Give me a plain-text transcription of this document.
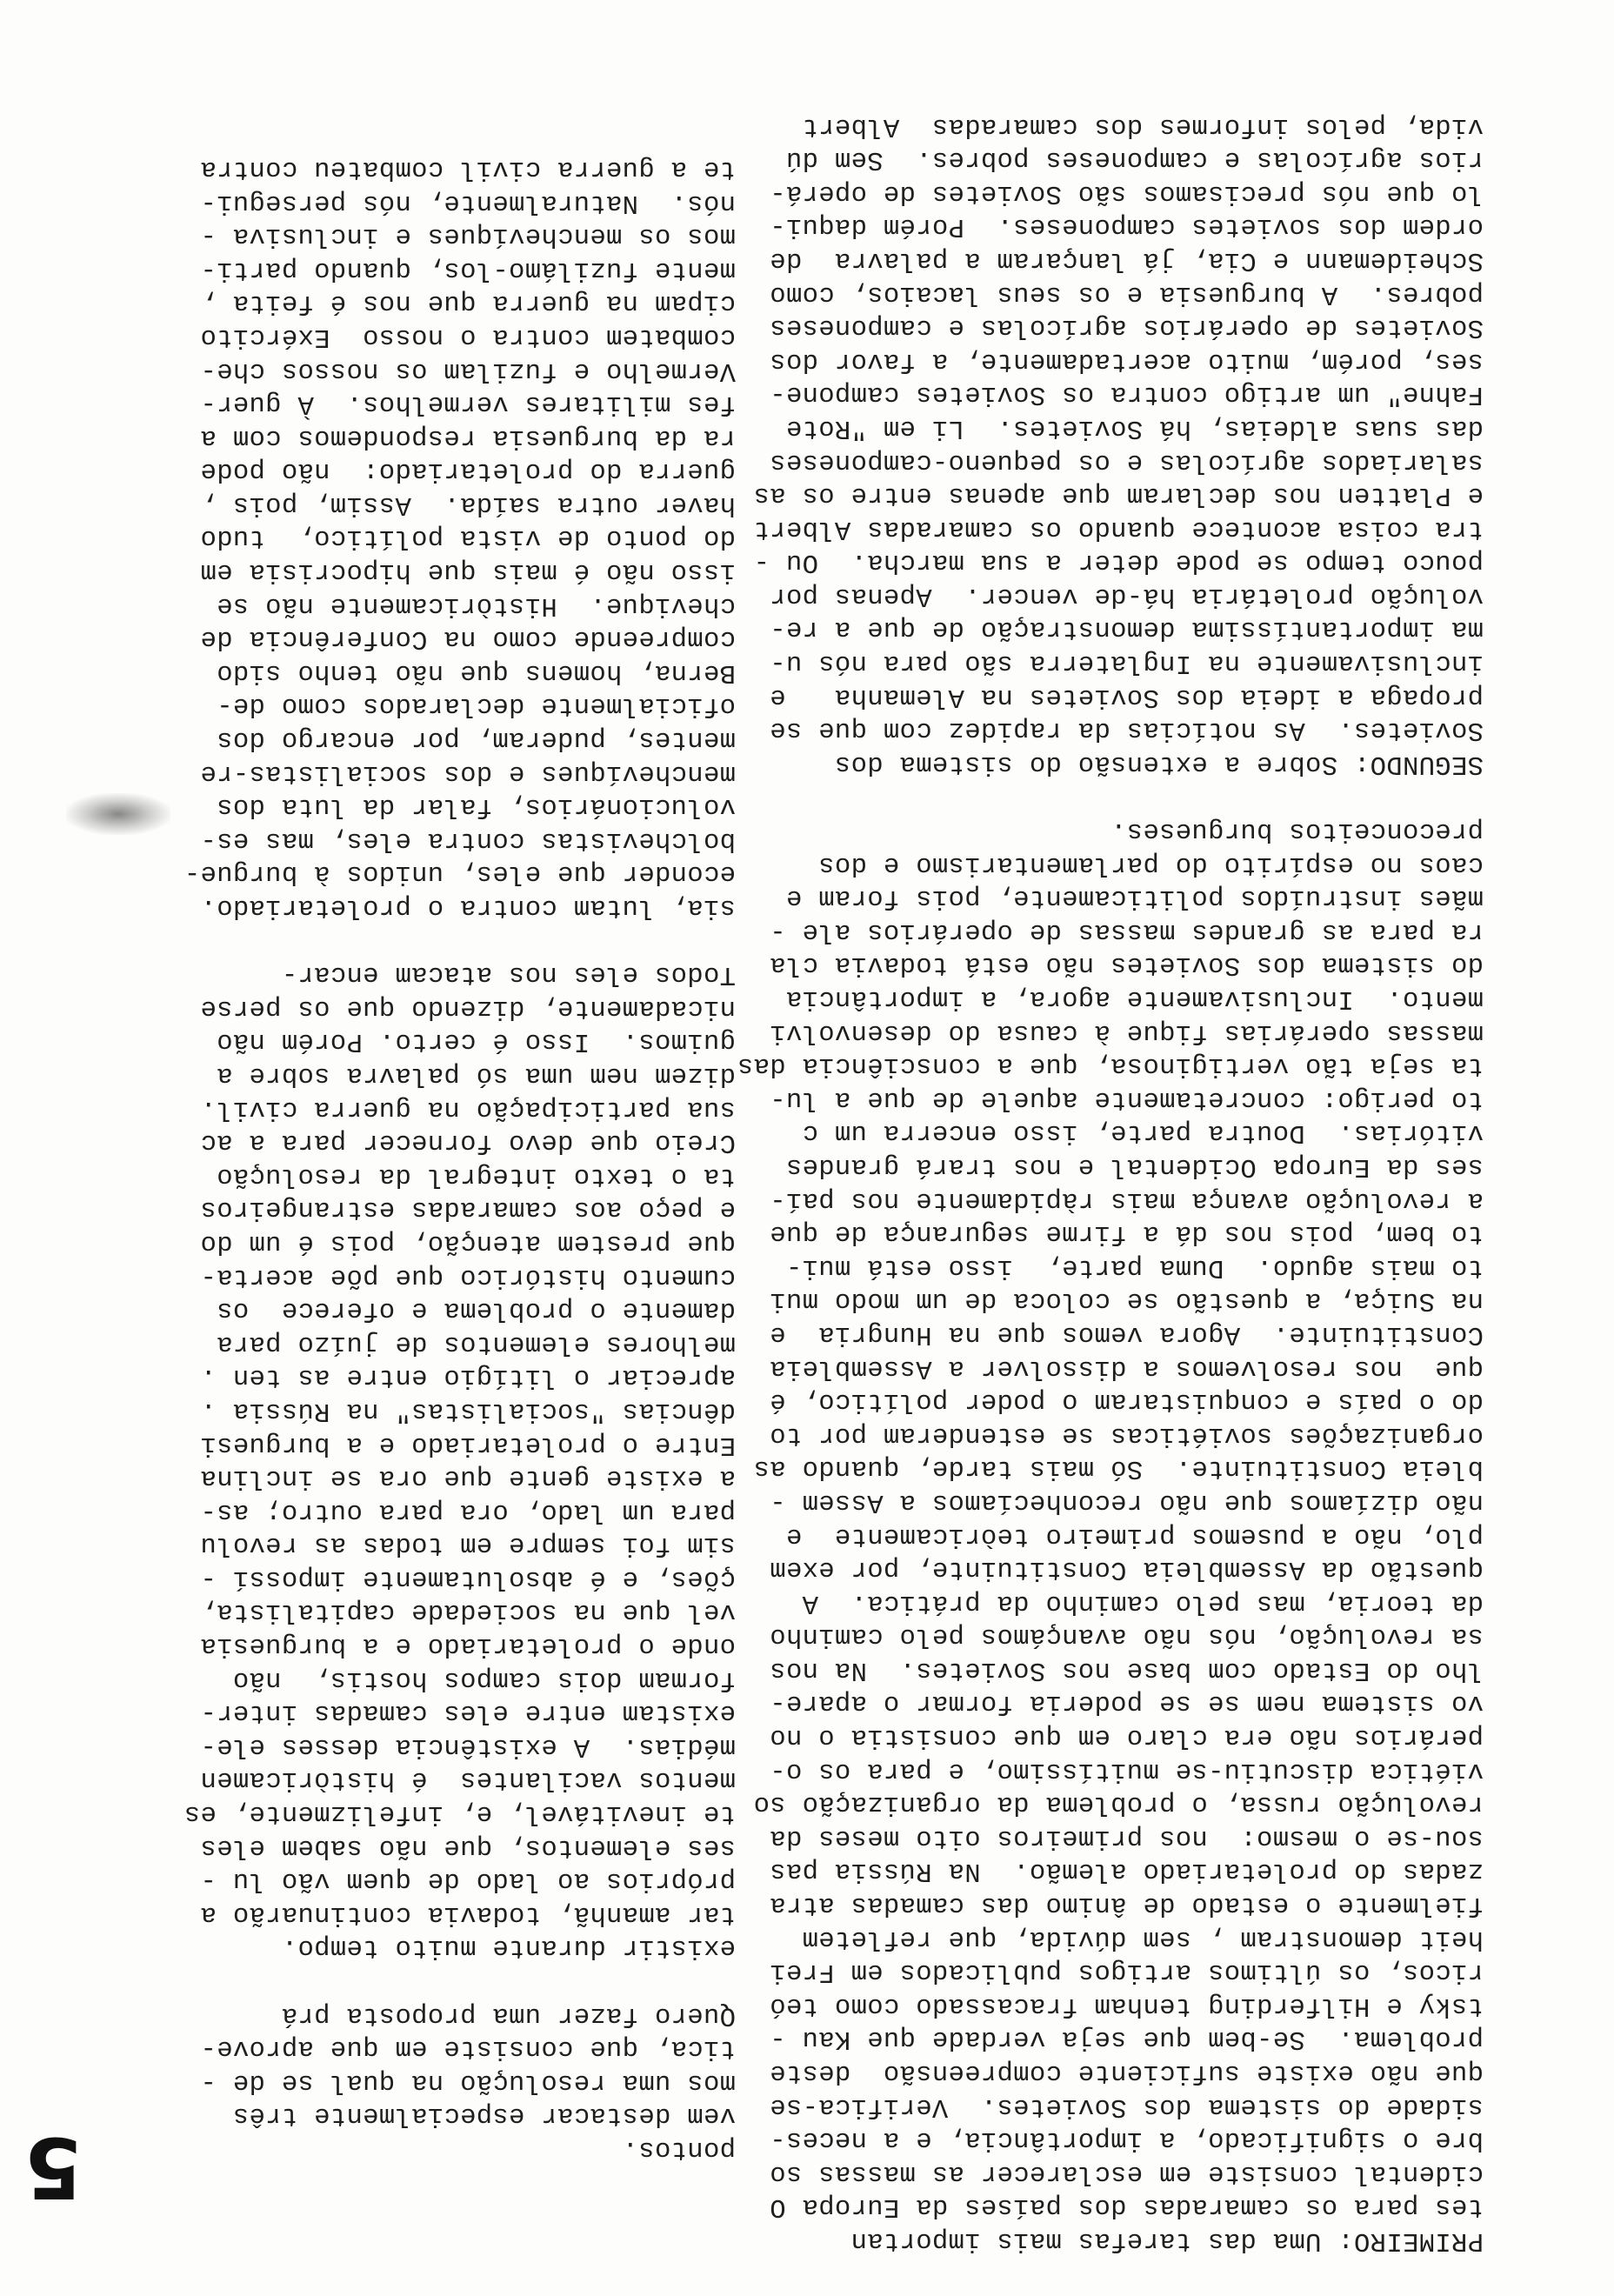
5
PRIMEIRO: Uma das tarefas mais importan
tes para os camaradas dos países da Europa O
cidental consiste em esclarecer as massas so
bre o significado, a importância, e a neces-
sidade do sistema dos Sovietes.  Verifica-se
que não existe suficiente compreensão  deste
problema.  Se-bem que seja verdade que Kau -
tsky e Hilferding tenham fracassado como teó
ricos, os últimos artigos publicados em Frei
heit demonstram , sem dúvida, que refletem
fielmente o estado de ânimo das camadas atra
zadas do proletariado alemão.  Na Rússia pas
sou-se o mesmo:  nos primeiros oito meses da
revolução russa, o problema da organização so
viética discutiu-se muitíssimo, e para os o-
perários não era claro em que consistia o no
vo sistema nem se se poderia formar o apare-
lho do Estado com base nos Sovietes.  Na nos
sa revolução, nós não avançámos pelo caminho
da teoria, mas pelo caminho da prática.  A
questão da Assembleia Constituinte, por exem
plo, não a pusemos primeiro teòricamente  e
não dizíamos que não reconhecíamos a Assem -
bleia Constituinte.  Só mais tarde, quando as
organizações soviéticas se estenderam por to
do o país e conquistaram o poder político, é
que  nos resolvemos a dissolver a Assembleia
Constituinte.  Agora vemos que na Hungria  e
na Suiça, a questão se coloca de um modo mui
to mais agudo.  Duma parte,  isso está mui-
to bem, pois nos dá a firme segurança de que
a revolução avança mais ràpidamente nos paí-
ses da Europa Ocidental e nos trará grandes
vitórias.  Doutra parte, isso encerra um c
to perigo: concretamente aquele de que a lu-
ta seja tão vertiginosa, que a consciência das
massas operárias fique à causa do desenvolvi
mento.  Inclusivamente agora, a importância
do sistema dos Sovietes não está todavia cla
ra para as grandes massas de operários ale -
mães instruídos politicamente, pois foram e
caos no espírito do parlamentarismo e dos
preconceitos burgueses.
SEGUNDO: Sobre a extensão do sistema dos
Sovietes.  As notícias da rapidez com que se
propaga a ideia dos Sovietes na Alemanha   e
inclusivamente na Inglaterra são para nós u-
ma importantíssima demonstração de que a re-
volução proletária há-de vencer.  Apenas por
pouco tempo se pode deter a sua marcha.  Ou -
tra coisa acontece quando os camaradas Albert
e Platten nos declaram que apenas entre os as
salariados agrícolas e os pequeno-camponeses
das suas aldeias, há Sovietes.  Li em "Rote
Fahne" um artigo contra os Sovietes campone-
ses, porém, muito acertadamente, a favor dos
Sovietes de operários agrícolas e camponeses
pobres.  A burguesia e os seus lacaios, como
Scheidemann e Cia, já lançaram a palavra  de
ordem dos sovietes camponeses.  Porém daqui-
lo que nós precisamos são Sovietes de operá-
rios agrícolas e camponeses pobres.  Sem dú
vida, pelos informes dos camaradas  Albert
pontos.
vem destacar especialmente três
mos uma resolução na qual se de -
tica, que consiste em que aprove-
Quero fazer uma proposta prá
existir durante muito tempo.
tar amanhã, todavia continuarão a
próprios ao lado de quem vão lu -
ses elementos, que não sabem eles
te inevitável, e, infelizmente, es
mentos vacilantes  é històricamen
médias.  A existência desses ele-
existam entre eles camadas inter-
formam dois campos hostis,  não
onde o proletariado e a burguesia
vel que na sociedade capitalista,
ções, e é absolutamente impossí -
sim foi sempre em todas as revolu
para um lado, ora para outro; as-
a existe gente que ora se inclina
Entre o proletariado e a burguesi
dências "socialistas" na Rússia .
apreciar o litígio entre as ten .
melhores elementos de juízo para
damente o problema e oferece  os
cumento histórico que põe acerta-
que prestem atenção, pois é um do
e peço aos camaradas estrangeiros
ta o texto integral da resolução
Creio que devo fornecer para a ac
sua participação na guerra civil.
dizem nem uma só palavra sobre a
guimos.  Isso é certo. Porém não
nicadamente, dizendo que os perse
Todos eles nos atacam encar-
sia, lutam contra o proletariado.
econder que eles, unidos à burgue-
bolchevistas contra eles, mas es-
volucionários, falar da luta dos
menchevíques e dos socialistas-re
mentes, puderam, por encargo dos
oficialmente declarados como de-
Berna, homens que não tenho sido
compreende como na Conferência de
chevique.  Històricamente não se
isso não é mais que hipocrisia em
do ponto de vista político,  tudo
haver outra saída.  Assim, pois ,
guerra do proletariado:  não pode
ra da burguesia respondemos com a
fes militares vermelhos.  À guer-
Vermelho e fuzilam os nossos che-
combatem contra o nosso  Exército
cipam na guerra que nos é feita ,
mente fuzilámo-los, quando parti-
mos os menchevíques e inclusiva -
nós.  Naturalmente, nós persegui-
te a guerra civil combateu contra
